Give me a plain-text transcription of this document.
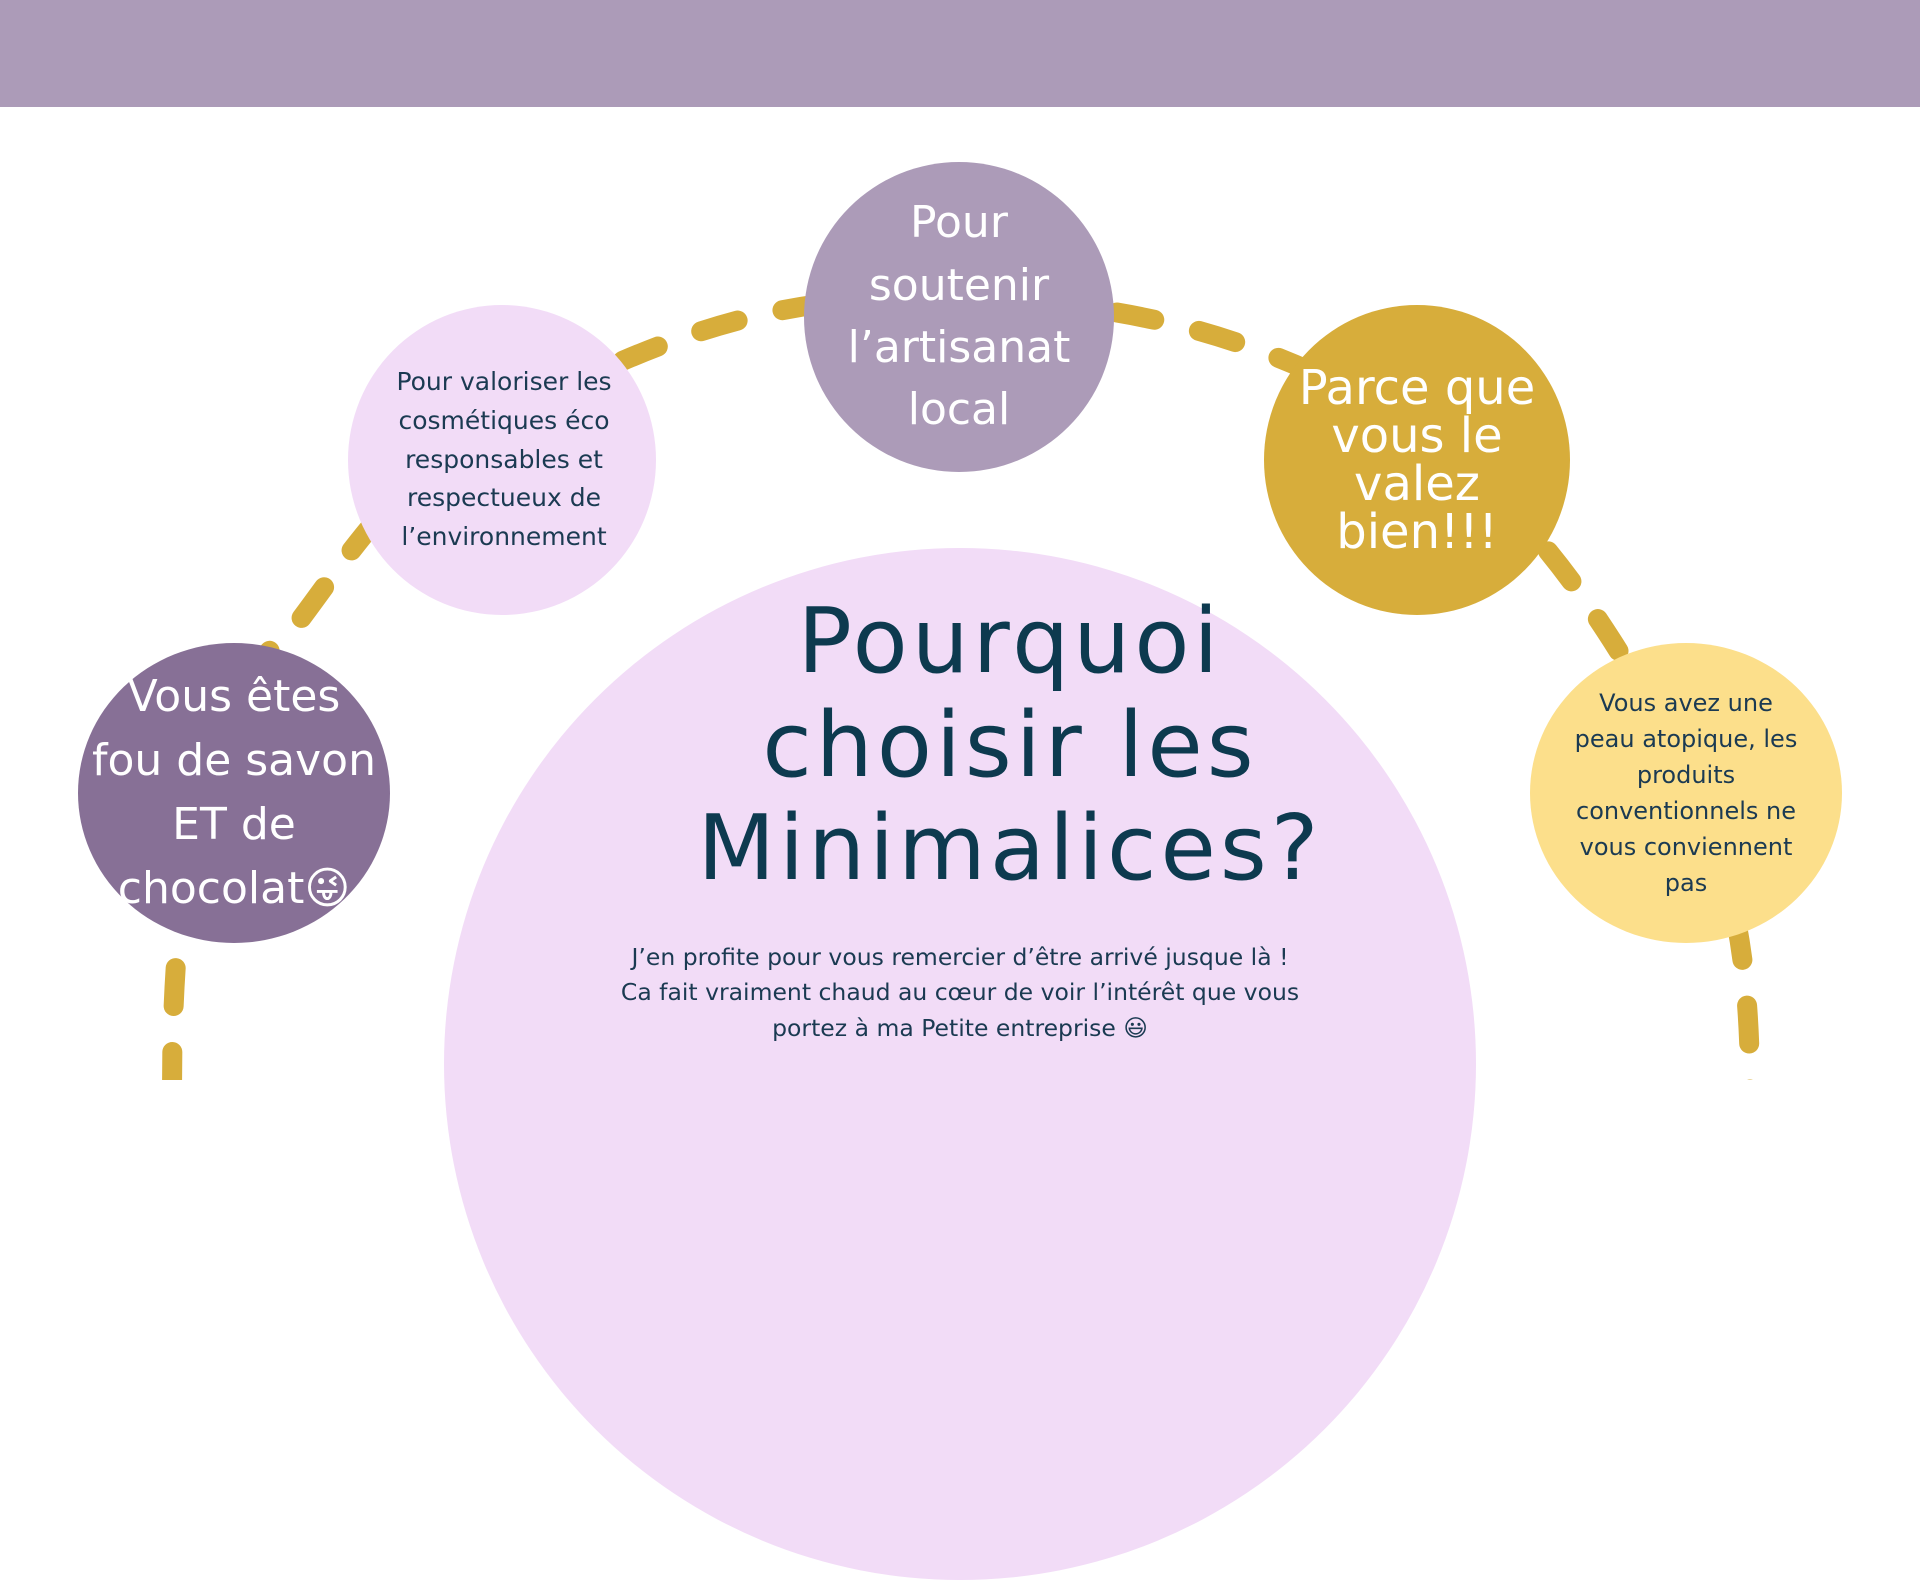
Vous êtes
fou de savon
ET de
chocolat😜
Pour valoriser les
cosmétiques éco
responsables et
respectueux de
l’environnement
Pour
soutenir
l’artisanat
local	Parce que
vous le
valez
bien!!!
Vous avez une
peau atopique, les
produits
conventionnels ne
vous conviennent
pas
Pourquoi
choisir les
Minimalices?
J’en profite pour vous remercier d’être arrivé jusque là !
Ca fait vraiment chaud au cœur de voir l’intérêt que vous
portez à ma Petite entreprise 😃
